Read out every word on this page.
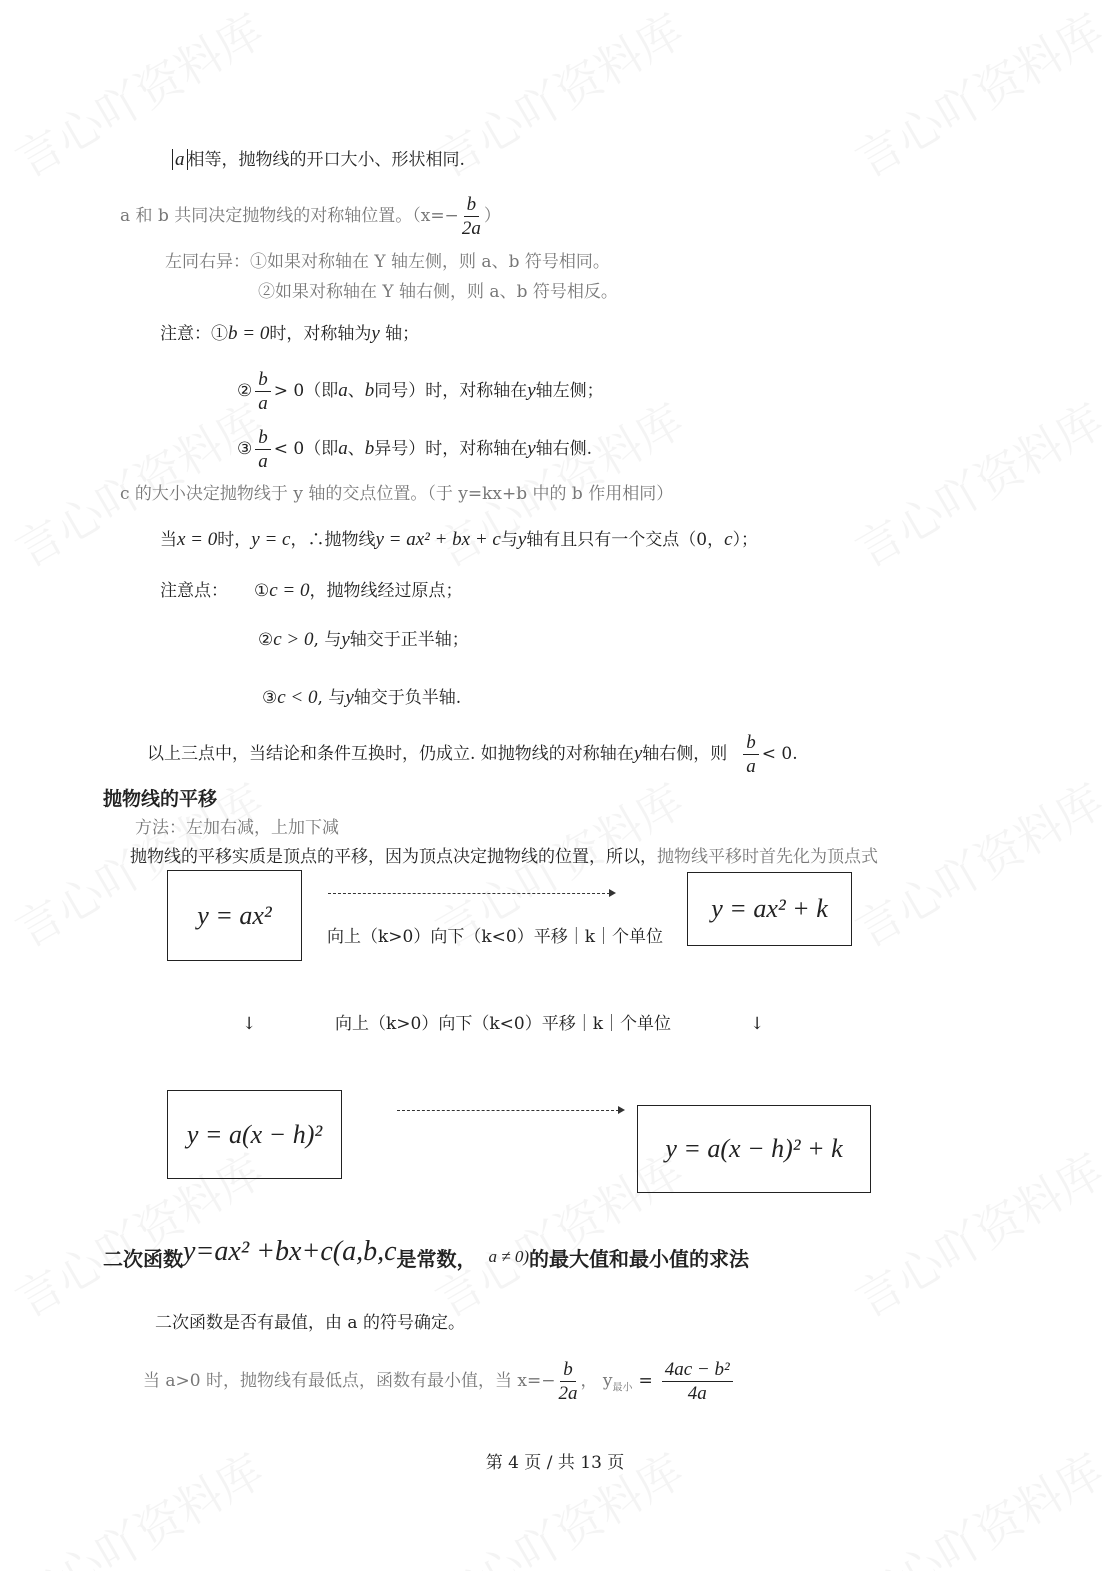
a 相等，抛物线的开口大小、形状相同.
a 和 b 共同决定抛物线的对称轴位置。（$x=- \frac{b}{2a}$ ）
左同右异：①如果对称轴在 Y 轴左侧，则 a、b 符号相同。
②如果对称轴在 Y 轴右侧，则 a、b 符号相反。
注意：①b = 0时，对称轴为y 轴；
② $\frac{b}{a} > 0$（即a、b同号）时，对称轴在y轴左侧；
③ $\frac{b}{a} < 0$（即a、b异号）时，对称轴在y轴右侧.
c 的大小决定抛物线于 y 轴的交点位置。（于 y=kx+b 中的 b 作用相同）
当x = 0时，y = c，∴抛物线y = ax² + bx + c与y轴有且只有一个交点（0，c）；
注意点： ①c = 0，抛物线经过原点；
②c > 0, 与y轴交于正半轴；
③c < 0, 与y轴交于负半轴.
以上三点中，当结论和条件互换时，仍成立. 如抛物线的对称轴在y轴右侧，则 $\frac{b}{a} < 0$.
抛物线的平移
方法：左加右减，上加下减
抛物线的平移实质是顶点的平移，因为顶点决定抛物线的位置，所以，抛物线平移时首先化为顶点式
y = ax²
向上（k>0）向下（k<0）平移｜k｜个单位
y = ax² + k
↓	向上（k>0）向下（k<0）平移｜k｜个单位	↓
y = a(x − h)²	y = a(x − h)² + k
二次函数y=ax² +bx+c(a,b,c是常数， $^{a \ne 0)}$的最大值和最小值的求法
二次函数是否有最值，由 a 的符号确定。
当 a>0 时，抛物线有最低点，函数有最小值，当 $x=- \frac{b}{2a}$ ， $y_{最小} = \frac{\text{4ac − b²}}{4a}$
第 4 页 / 共 13 页
